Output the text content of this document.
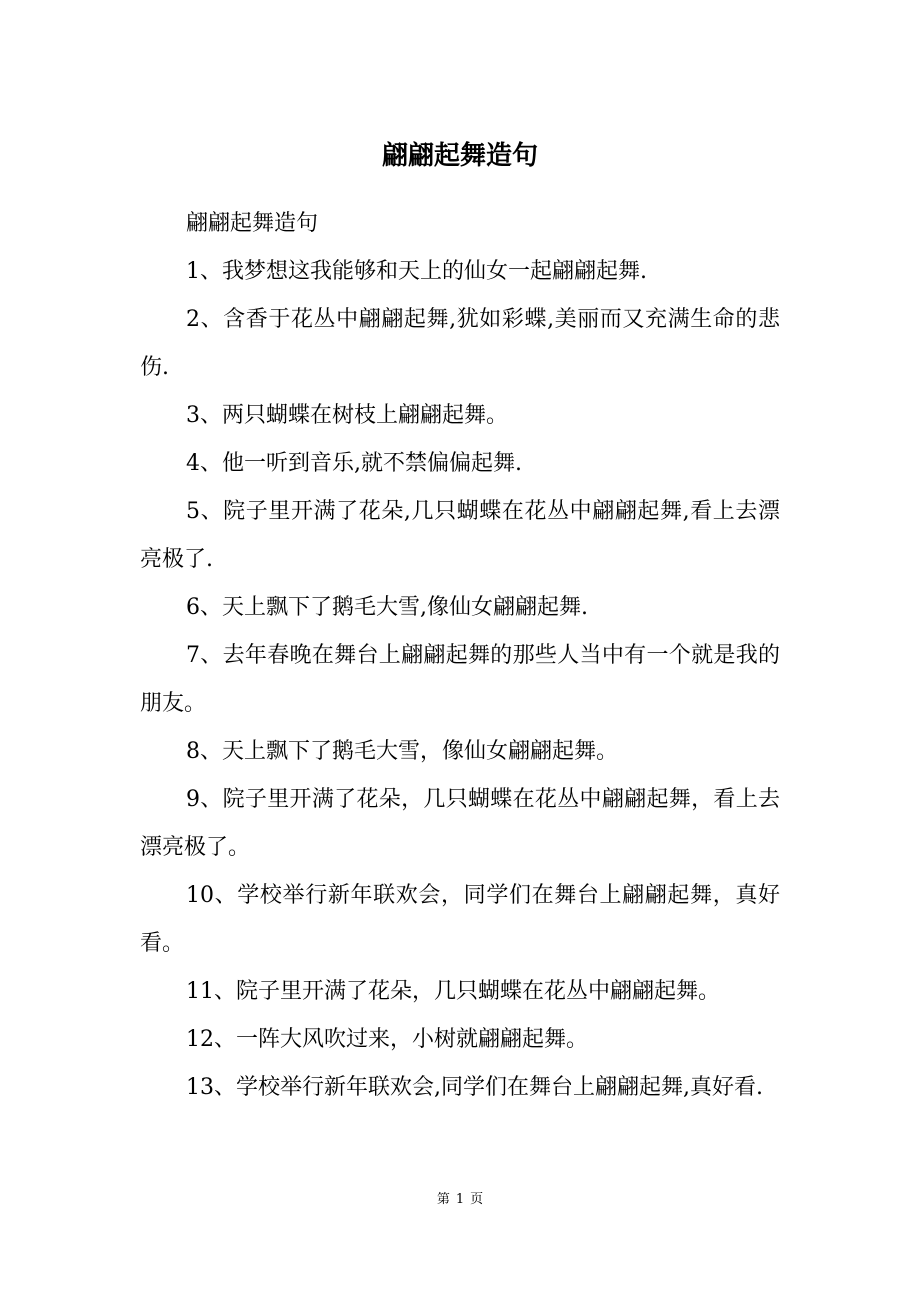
翩翩起舞造句

翩翩起舞造句

1、我梦想这我能够和天上的仙女一起翩翩起舞.

2、含香于花丛中翩翩起舞,犹如彩蝶,美丽而又充满生命的悲伤.

3、两只蝴蝶在树枝上翩翩起舞。

4、他一听到音乐,就不禁偏偏起舞.

5、院子里开满了花朵,几只蝴蝶在花丛中翩翩起舞,看上去漂亮极了.

6、天上飘下了鹅毛大雪,像仙女翩翩起舞.

7、去年春晚在舞台上翩翩起舞的那些人当中有一个就是我的朋友。

8、天上飘下了鹅毛大雪，像仙女翩翩起舞。

9、院子里开满了花朵，几只蝴蝶在花丛中翩翩起舞，看上去漂亮极了。

10、学校举行新年联欢会，同学们在舞台上翩翩起舞，真好看。

11、院子里开满了花朵，几只蝴蝶在花丛中翩翩起舞。

12、一阵大风吹过来，小树就翩翩起舞。

13、学校举行新年联欢会,同学们在舞台上翩翩起舞,真好看.

第 1 页
